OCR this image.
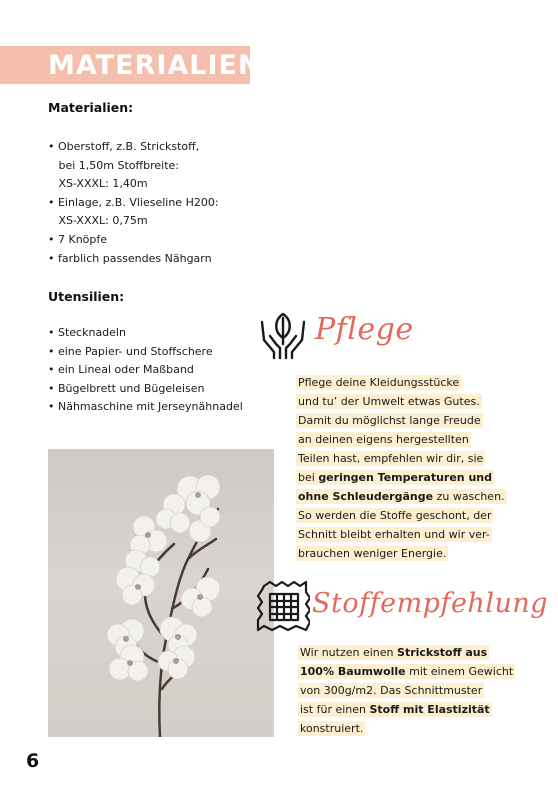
MATERIALIEN
Materialien:
• Oberstoff, z.B. Strickstoff,
bei 1,50m Stoffbreite:
XS-XXXL: 1,40m
• Einlage, z.B. Vlieseline H200:
XS-XXXL: 0,75m
• 7 Knöpfe
• farblich passendes Nähgarn
Utensilien:
• Stecknadeln
• eine Papier- und Stoffschere
• ein Lineal oder Maßband
• Bügelbrett und Bügeleisen
• Nähmaschine mit Jerseynähnadel
Pflege
Pflege deine Kleidungsstücke
und tu’ der Umwelt etwas Gutes.
Damit du möglichst lange Freude
an deinen eigens hergestellten
Teilen hast, empfehlen wir dir, sie
bei geringen Temperaturen und
ohne Schleudergänge zu waschen.
So werden die Stoffe geschont, der
Schnitt bleibt erhalten und wir ver-
brauchen weniger Energie.
Stoffempfehlung
Wir nutzen einen Strickstoff aus
100% Baumwolle mit einem Gewicht
von 300g/m2. Das Schnittmuster
ist für einen Stoff mit Elastizität
konstruiert.
6
